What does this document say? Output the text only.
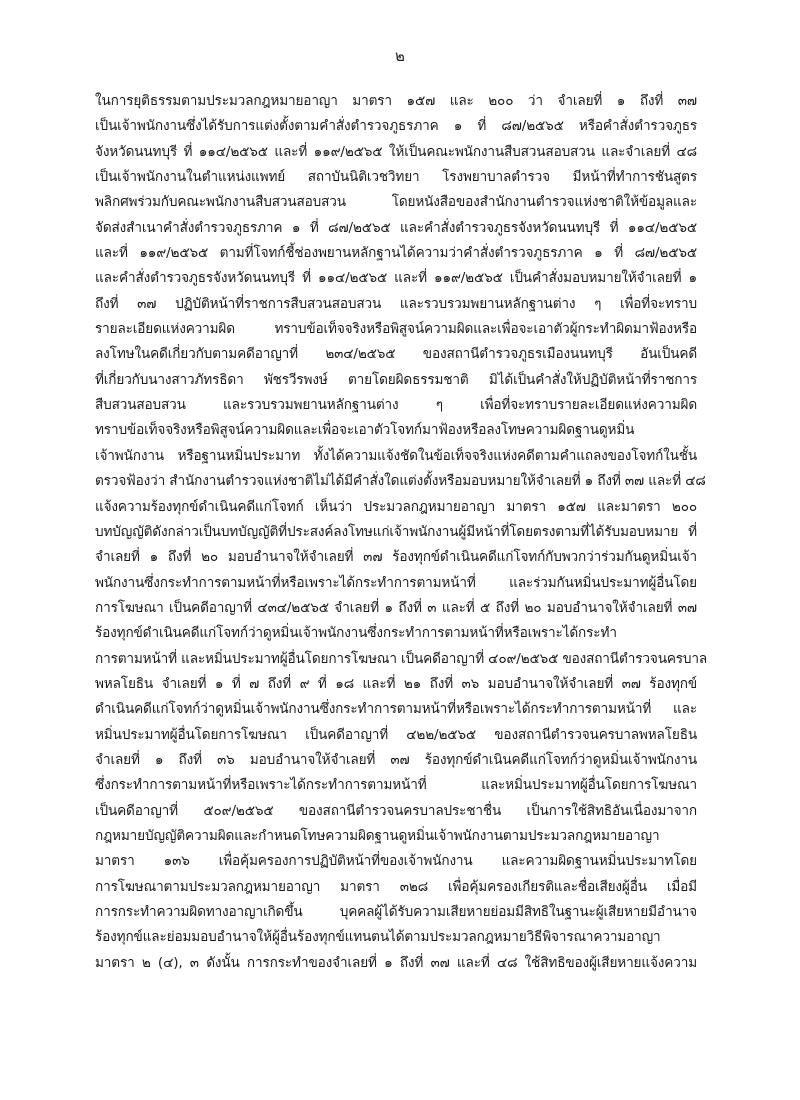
๒
ในการยุติธรรมตามประมวลกฎหมายอาญา มาตรา ๑๕๗ และ ๒๐๐ ว่า จำเลยที่ ๑ ถึงที่ ๓๗
เป็นเจ้าพนักงานซึ่งได้รับการแต่งตั้งตามคำสั่งตำรวจภูธรภาค ๑ ที่ ๘๗/๒๕๖๕ หรือคำสั่งตำรวจภูธร
จังหวัดนนทบุรี ที่ ๑๑๔/๒๕๖๕ และที่ ๑๑๙/๒๕๖๕ ให้เป็นคณะพนักงานสืบสวนสอบสวน และจำเลยที่ ๔๘
เป็นเจ้าพนักงานในตำแหน่งแพทย์ สถาบันนิติเวชวิทยา โรงพยาบาลตำรวจ มีหน้าที่ทำการชันสูตร
พลิกศพร่วมกับคณะพนักงานสืบสวนสอบสวน โดยหนังสือของสำนักงานตำรวจแห่งชาติให้ข้อมูลและ
จัดส่งสำเนาคำสั่งตำรวจภูธรภาค ๑ ที่ ๘๗/๒๕๖๕ และคำสั่งตำรวจภูธรจังหวัดนนทบุรี ที่ ๑๑๔/๒๕๖๕
และที่ ๑๑๙/๒๕๖๕ ตามที่โจทก์ชี้ช่องพยานหลักฐานได้ความว่าคำสั่งตำรวจภูธรภาค ๑ ที่ ๘๗/๒๕๖๕
และคำสั่งตำรวจภูธรจังหวัดนนทบุรี ที่ ๑๑๔/๒๕๖๕ และที่ ๑๑๙/๒๕๖๕ เป็นคำสั่งมอบหมายให้จำเลยที่ ๑
ถึงที่ ๓๗ ปฏิบัติหน้าที่ราชการสืบสวนสอบสวน และรวบรวมพยานหลักฐานต่าง ๆ เพื่อที่จะทราบ
รายละเอียดแห่งความผิด ทราบข้อเท็จจริงหรือพิสูจน์ความผิดและเพื่อจะเอาตัวผู้กระทำผิดมาฟ้องหรือ
ลงโทษในคดีเกี่ยวกับตามคดีอาญาที่ ๒๓๔/๒๕๖๕ ของสถานีตำรวจภูธรเมืองนนทบุรี อันเป็นคดี
ที่เกี่ยวกับนางสาวภัทรธิดา พัชรวีรพงษ์ ตายโดยผิดธรรมชาติ มิได้เป็นคำสั่งให้ปฏิบัติหน้าที่ราชการ
สืบสวนสอบสวน และรวบรวมพยานหลักฐานต่าง ๆ เพื่อที่จะทราบรายละเอียดแห่งความผิด
ทราบข้อเท็จจริงหรือพิสูจน์ความผิดและเพื่อจะเอาตัวโจทก์มาฟ้องหรือลงโทษความผิดฐานดูหมิ่น
เจ้าพนักงาน หรือฐานหมิ่นประมาท ทั้งได้ความแจ้งชัดในข้อเท็จจริงแห่งคดีตามคำแถลงของโจทก์ในชั้น
ตรวจฟ้องว่า สำนักงานตำรวจแห่งชาติไม่ได้มีคำสั่งใดแต่งตั้งหรือมอบหมายให้จำเลยที่ ๑ ถึงที่ ๓๗ และที่ ๔๘
แจ้งความร้องทุกข์ดำเนินคดีแก่โจทก์ เห็นว่า ประมวลกฎหมายอาญา มาตรา ๑๕๗ และมาตรา ๒๐๐
บทบัญญัติดังกล่าวเป็นบทบัญญัติที่ประสงค์ลงโทษแก่เจ้าพนักงานผู้มีหน้าที่โดยตรงตามที่ได้รับมอบหมาย ที่
จำเลยที่ ๑ ถึงที่ ๒๐ มอบอำนาจให้จำเลยที่ ๓๗ ร้องทุกข์ดำเนินคดีแก่โจทก์กับพวกว่าร่วมกันดูหมิ่นเจ้า
พนักงานซึ่งกระทำการตามหน้าที่หรือเพราะได้กระทำการตามหน้าที่ และร่วมกันหมิ่นประมาทผู้อื่นโดย
การโฆษณา เป็นคดีอาญาที่ ๔๓๔/๒๕๖๕ จำเลยที่ ๑ ถึงที่ ๓ และที่ ๕ ถึงที่ ๒๐ มอบอำนาจให้จำเลยที่ ๓๗
ร้องทุกข์ดำเนินคดีแก่โจทก์ว่าดูหมิ่นเจ้าพนักงานซึ่งกระทำการตามหน้าที่หรือเพราะได้กระทำ
การตามหน้าที่ และหมิ่นประมาทผู้อื่นโดยการโฆษณา เป็นคดีอาญาที่ ๔๐๙/๒๕๖๕ ของสถานีตำรวจนครบาล
พหลโยธิน จำเลยที่ ๑ ที่ ๗ ถึงที่ ๙ ที่ ๑๘ และที่ ๒๑ ถึงที่ ๓๖ มอบอำนาจให้จำเลยที่ ๓๗ ร้องทุกข์
ดำเนินคดีแก่โจทก์ว่าดูหมิ่นเจ้าพนักงานซึ่งกระทำการตามหน้าที่หรือเพราะได้กระทำการตามหน้าที่ และ
หมิ่นประมาทผู้อื่นโดยการโฆษณา เป็นคดีอาญาที่ ๔๒๒/๒๕๖๕ ของสถานีตำรวจนครบาลพหลโยธิน
จำเลยที่ ๑ ถึงที่ ๓๖ มอบอำนาจให้จำเลยที่ ๓๗ ร้องทุกข์ดำเนินคดีแก่โจทก์ว่าดูหมิ่นเจ้าพนักงาน
ซึ่งกระทำการตามหน้าที่หรือเพราะได้กระทำการตามหน้าที่ และหมิ่นประมาทผู้อื่นโดยการโฆษณา
เป็นคดีอาญาที่ ๕๐๙/๒๕๖๕ ของสถานีตำรวจนครบาลประชาชื่น เป็นการใช้สิทธิอันเนื่องมาจาก
กฎหมายบัญญัติความผิดและกำหนดโทษความผิดฐานดูหมิ่นเจ้าพนักงานตามประมวลกฎหมายอาญา
มาตรา ๑๓๖ เพื่อคุ้มครองการปฏิบัติหน้าที่ของเจ้าพนักงาน และความผิดฐานหมิ่นประมาทโดย
การโฆษณาตามประมวลกฎหมายอาญา มาตรา ๓๒๘ เพื่อคุ้มครองเกียรติและชื่อเสียงผู้อื่น เมื่อมี
การกระทำความผิดทางอาญาเกิดขึ้น บุคคลผู้ได้รับความเสียหายย่อมมีสิทธิในฐานะผู้เสียหายมีอำนาจ
ร้องทุกข์และย่อมมอบอำนาจให้ผู้อื่นร้องทุกข์แทนตนได้ตามประมวลกฎหมายวิธีพิจารณาความอาญา
มาตรา ๒ (๔), ๓ ดังนั้น การกระทำของจำเลยที่ ๑ ถึงที่ ๓๗ และที่ ๔๘ ใช้สิทธิของผู้เสียหายแจ้งความ
